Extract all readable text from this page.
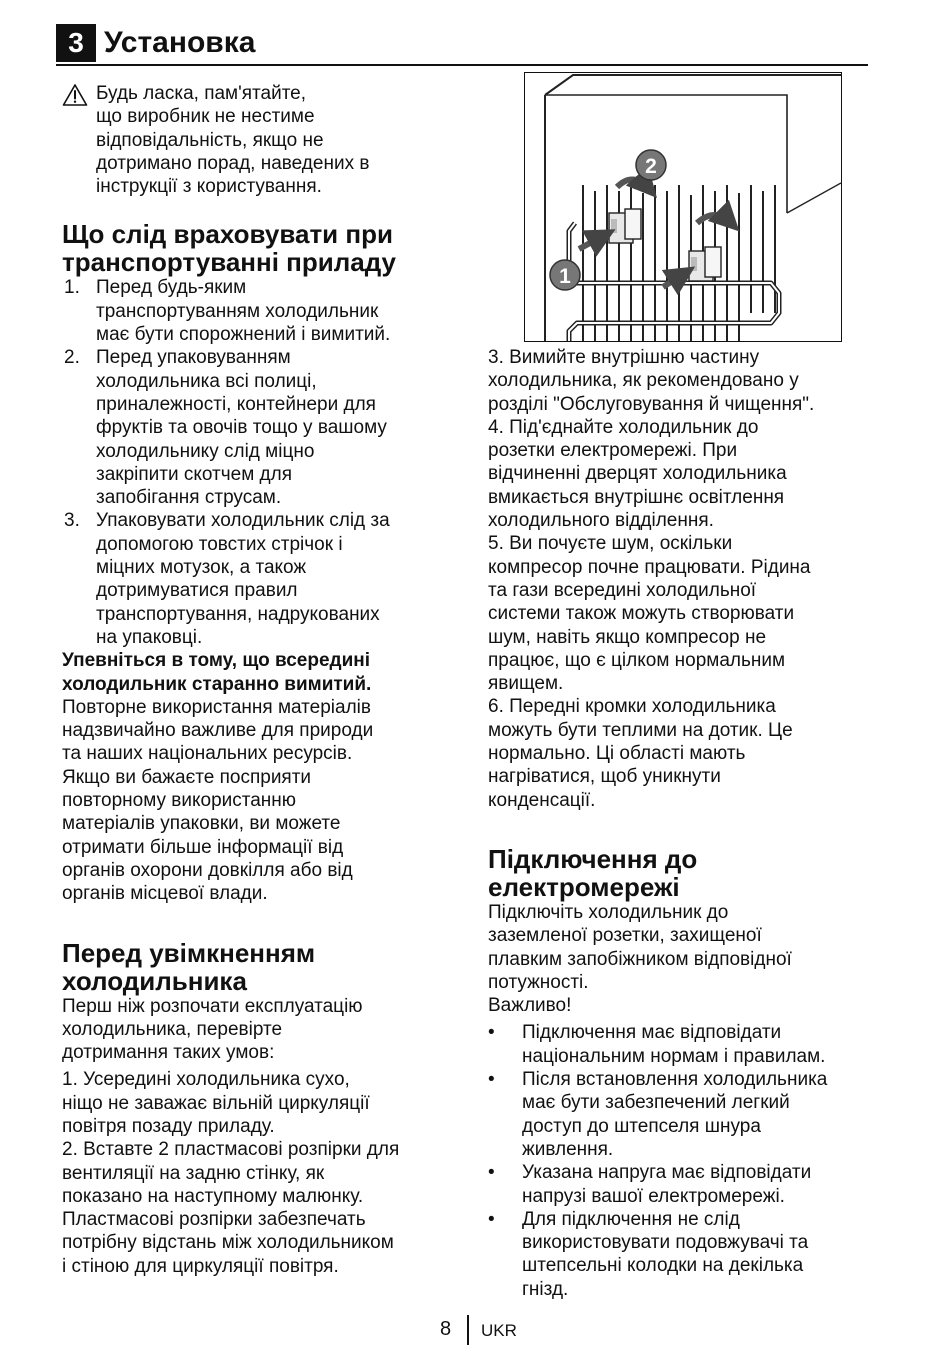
3 Установка

Будь ласка, пам'ятайте,
що виробник не нестиме
відповідальність, якщо не
дотримано порад, наведених в
інструкції з користування.

Що слід враховувати при
транспортуванні приладу
1. Перед будь-яким
транспортуванням холодильник
має бути спорожнений і вимитий.
2. Перед упаковуванням
холодильника всі полиці,
приналежності, контейнери для
фруктів та овочів тощо у вашому
холодильнику слід міцно
закріпити скотчем для
запобігання струсам.
3. Упаковувати холодильник слід за
допомогою товстих стрічок і
міцних мотузок, а також
дотримуватися правил
транспортування, надрукованих
на упаковці.

Упевніться в тому, що всередині
холодильник старанно вимитий.

Повторне використання матеріалів
надзвичайно важливе для природи
та наших національних ресурсів.
Якщо ви бажаєте посприяти
повторному використанню
матеріалів упаковки, ви можете
отримати більше інформації від
органів охорони довкілля або від
органів місцевої влади.

Перед увімкненням
холодильника

Перш ніж розпочати експлуатацію
холодильника, перевірте
дотримання таких умов:

1. Усередині холодильника сухо,
ніщо не заважає вільній циркуляції
повітря позаду приладу.

2. Вставте 2 пластмасові розпірки для
вентиляції на задню стінку, як
показано на наступному малюнку.
Пластмасові розпірки забезпечать
потрібну відстань між холодильником
і стіною для циркуляції повітря.

2
1

3. Вимийте внутрішню частину
холодильника, як рекомендовано у
розділі "Обслуговування й чищення".

4. Під'єднайте холодильник до
розетки електромережі. При
відчиненні дверцят холодильника
вмикається внутрішнє освітлення
холодильного відділення.

5. Ви почуєте шум, оскільки
компресор почне працювати. Рідина
та гази всередині холодильної
системи також можуть створювати
шум, навіть якщо компресор не
працює, що є цілком нормальним
явищем.

6. Передні кромки холодильника
можуть бути теплими на дотик. Це
нормально. Ці області мають
нагріватися, щоб уникнути
конденсації.

Підключення до
електромережі

Підключіть холодильник до
заземленої розетки, захищеної
плавким запобіжником відповідної
потужності.

Важливо!

• Підключення має відповідати
національним нормам і правилам.
• Після встановлення холодильника
має бути забезпечений легкий
доступ до штепселя шнура
живлення.
• Указана напруга має відповідати
напрузі вашої електромережі.
• Для підключення не слід
використовувати подовжувачі та
штепсельні колодки на декілька
гнізд.
8 UKR
